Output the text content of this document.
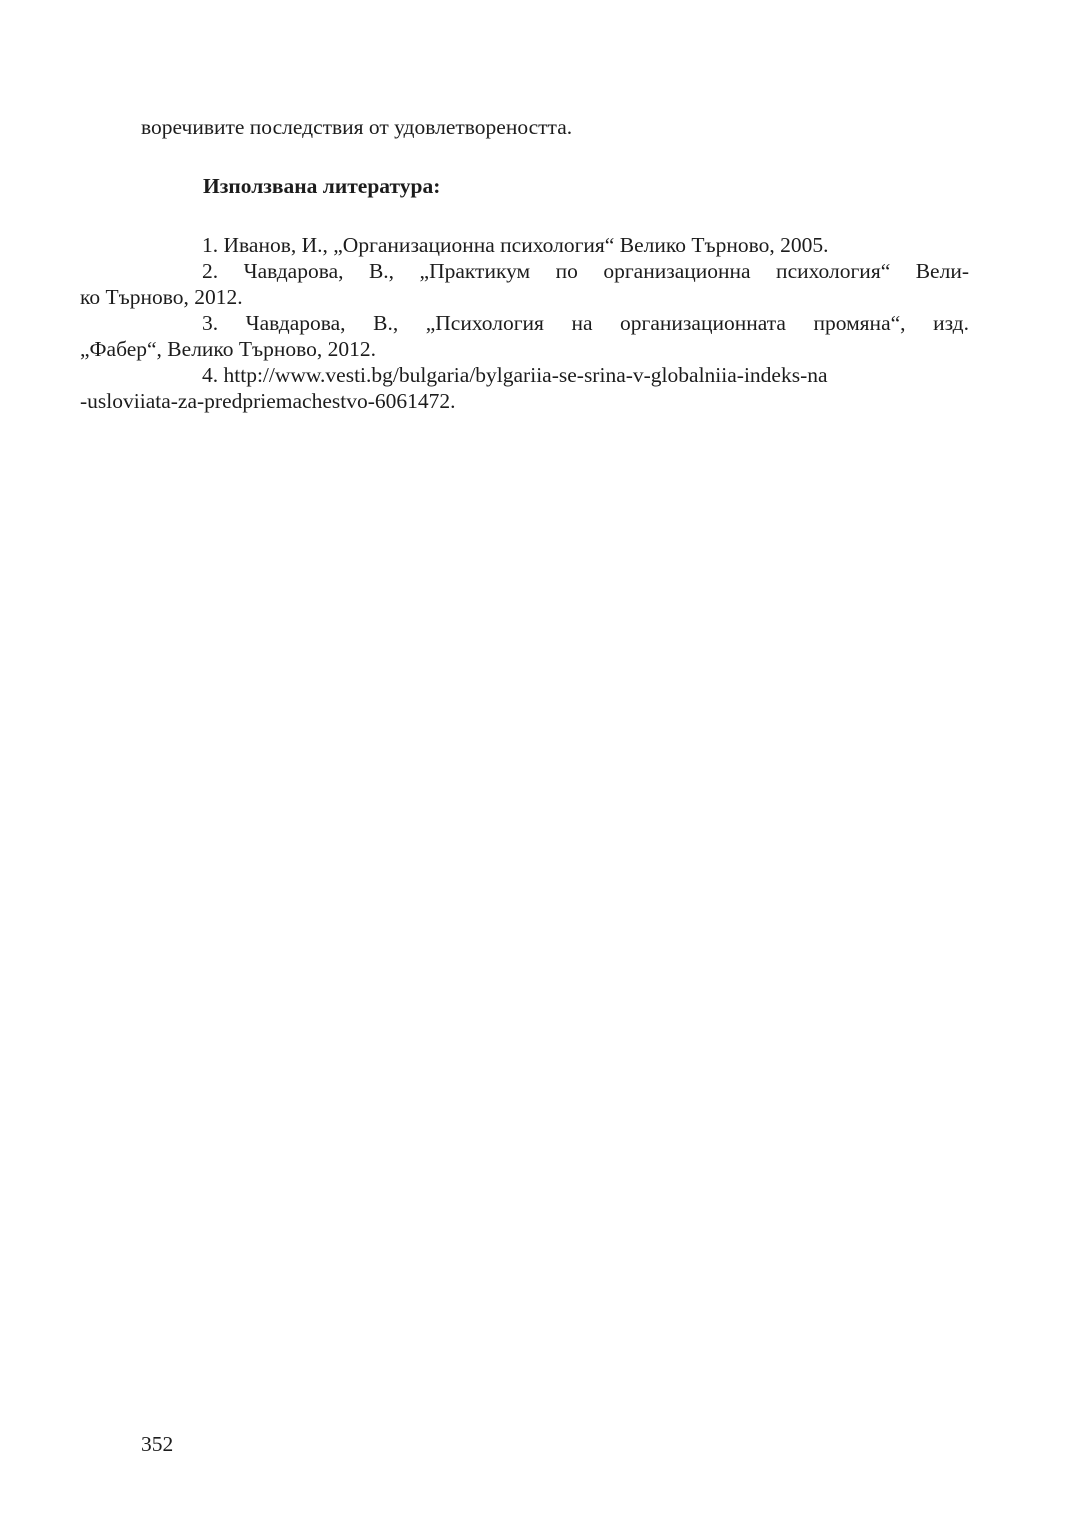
воречивите последствия от удовлетвореността.
Използвана литература:

1. Иванов, И., „Организационна психология“ Велико Търново, 2005.

2. Чавдарова, В., „Практикум по организационна психология“ Вели-
ко Търново, 2012.

3. Чавдарова, В., „Психология на организационната промяна“, изд.
„Фабер“, Велико Търново, 2012.

4. http://www.vesti.bg/bulgaria/bylgariia-se-srina-v-globalniia-indeks-na
-usloviiata-za-predpriemachestvo-6061472.

352
